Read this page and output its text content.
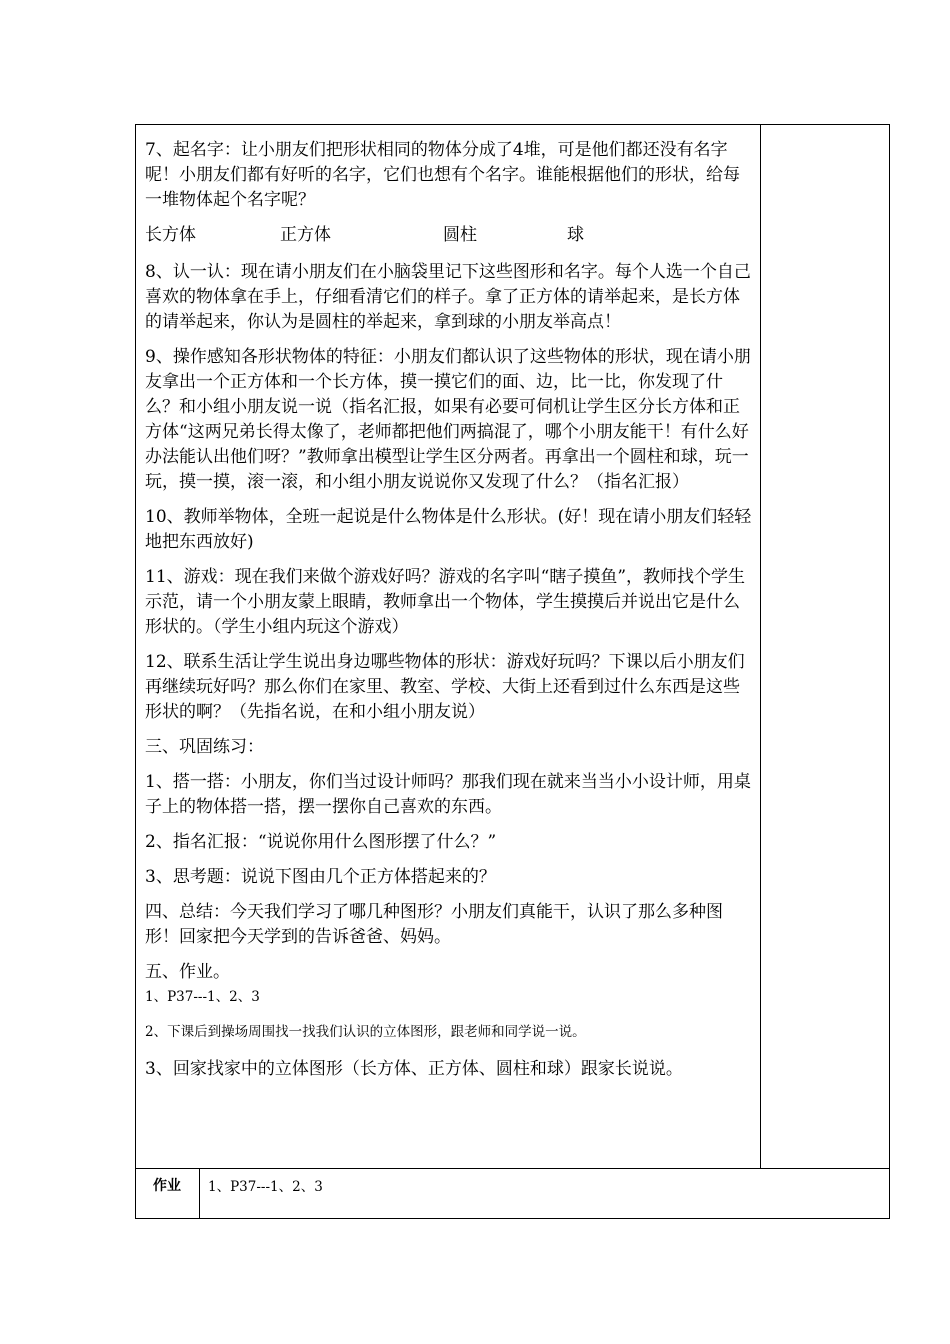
7、起名字：让小朋友们把形状相同的物体分成了4堆，可是他们都还没有名字呢！小朋友们都有好听的名字，它们也想有个名字。谁能根据他们的形状，给每一堆物体起个名字呢？

长方体	正方体	圆柱	球

8、认一认：现在请小朋友们在小脑袋里记下这些图形和名字。每个人选一个自己喜欢的物体拿在手上，仔细看清它们的样子。拿了正方体的请举起来，是长方体的请举起来，你认为是圆柱的举起来，拿到球的小朋友举高点！

9、操作感知各形状物体的特征：小朋友们都认识了这些物体的形状，现在请小朋友拿出一个正方体和一个长方体，摸一摸它们的面、边，比一比，你发现了什么？和小组小朋友说一说（指名汇报，如果有必要可伺机让学生区分长方体和正方体“这两兄弟长得太像了，老师都把他们两搞混了，哪个小朋友能干！有什么好办法能认出他们呀？”教师拿出模型让学生区分两者。再拿出一个圆柱和球，玩一玩，摸一摸，滚一滚，和小组小朋友说说你又发现了什么？（指名汇报）

10、教师举物体，全班一起说是什么物体是什么形状。(好！现在请小朋友们轻轻地把东西放好)

11、游戏：现在我们来做个游戏好吗？游戏的名字叫“瞎子摸鱼”，教师找个学生示范，请一个小朋友蒙上眼睛，教师拿出一个物体，学生摸摸后并说出它是什么形状的。（学生小组内玩这个游戏）

12、联系生活让学生说出身边哪些物体的形状：游戏好玩吗？下课以后小朋友们再继续玩好吗？那么你们在家里、教室、学校、大街上还看到过什么东西是这些形状的啊？（先指名说，在和小组小朋友说）

三、巩固练习：

1、搭一搭：小朋友，你们当过设计师吗？那我们现在就来当当小小设计师，用桌子上的物体搭一搭，摆一摆你自己喜欢的东西。

2、指名汇报：“说说你用什么图形摆了什么？”

3、思考题：说说下图由几个正方体搭起来的？

四、总结：今天我们学习了哪几种图形？小朋友们真能干，认识了那么多种图形！回家把今天学到的告诉爸爸、妈妈。

五、作业。

1、P37---1、2、3

2、下课后到操场周围找一找我们认识的立体图形，跟老师和同学说一说。

3、回家找家中的立体图形（长方体、正方体、圆柱和球）跟家长说说。

作业	1、P37---1、2、3
